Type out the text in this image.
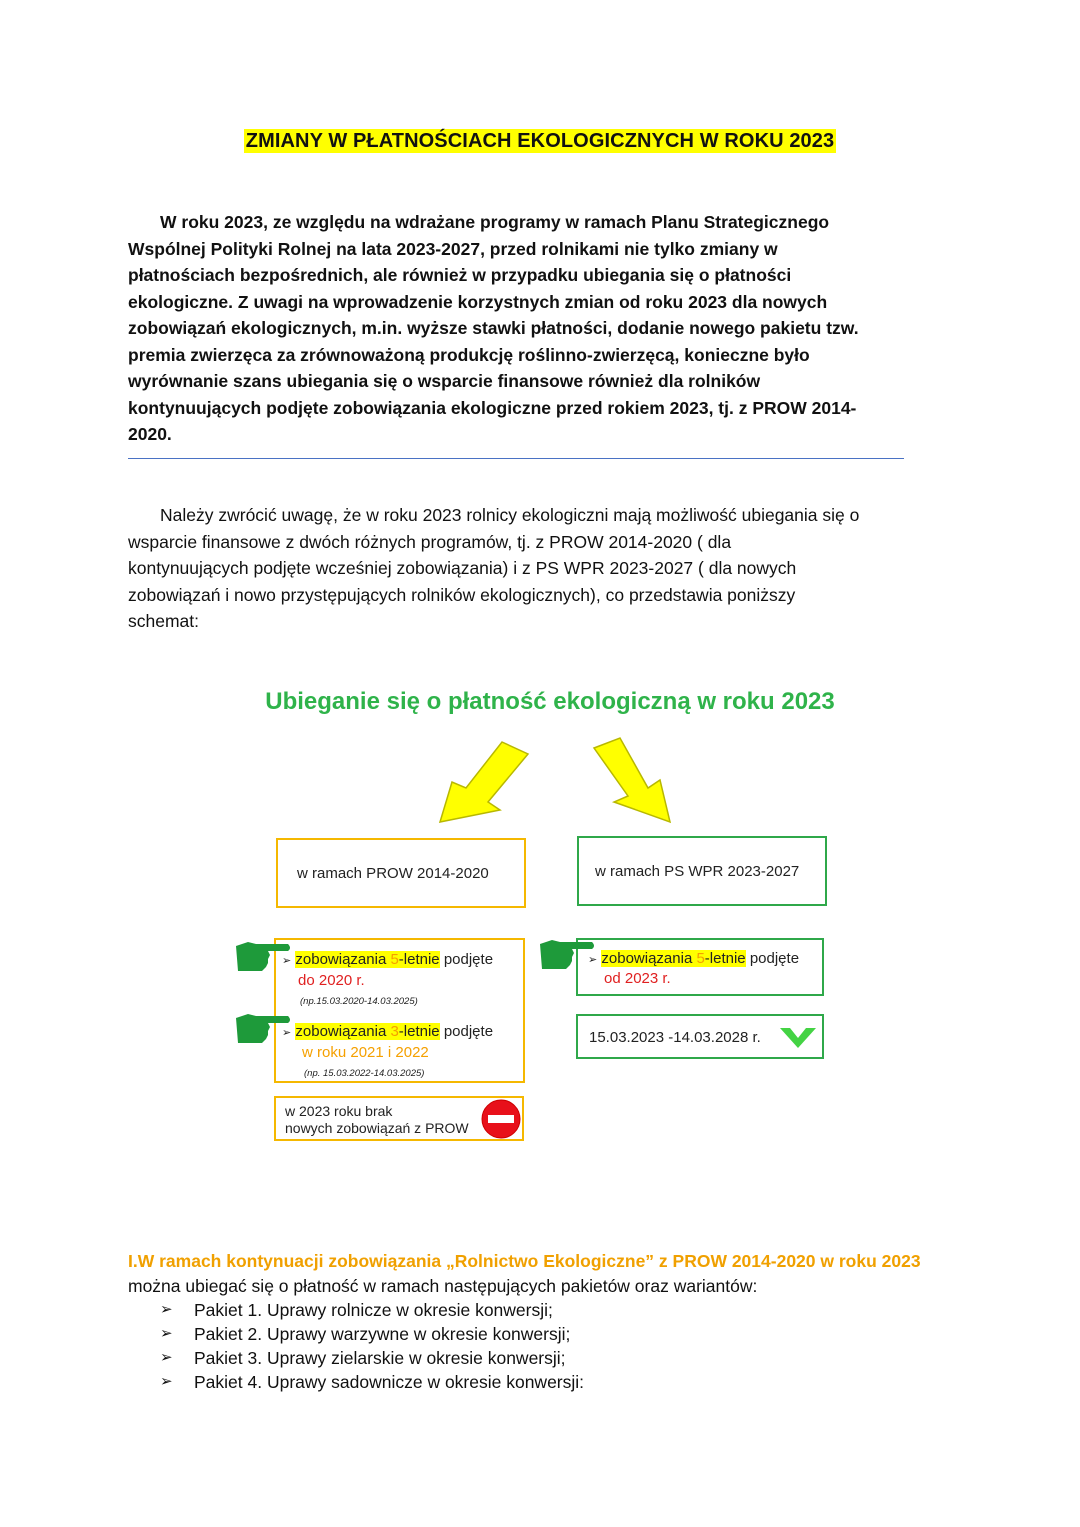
ZMIANY W PŁATNOŚCIACH EKOLOGICZNYCH W ROKU 2023
W roku 2023, ze względu na wdrażane programy w ramach Planu Strategicznego
Wspólnej Polityki Rolnej na lata 2023-2027, przed rolnikami nie tylko zmiany w
płatnościach bezpośrednich, ale również w przypadku ubiegania się o płatności
ekologiczne. Z uwagi na wprowadzenie korzystnych zmian od roku 2023 dla nowych
zobowiązań ekologicznych, m.in. wyższe stawki płatności, dodanie nowego pakietu tzw.
premia zwierzęca za zrównoważoną produkcję roślinno-zwierzęcą, konieczne było
wyrównanie szans ubiegania się o wsparcie finansowe również dla rolników
kontynuujących podjęte zobowiązania ekologiczne przed rokiem 2023, tj. z PROW 2014-
2020.
Należy zwrócić uwagę, że w roku 2023 rolnicy ekologiczni mają możliwość ubiegania się o
wsparcie finansowe z dwóch różnych programów, tj. z PROW 2014-2020 ( dla
kontynuujących podjęte wcześniej zobowiązania) i z PS WPR 2023-2027 ( dla nowych
zobowiązań i nowo przystępujących rolników ekologicznych), co przedstawia poniższy
schemat:
Ubieganie się o płatność ekologiczną w roku 2023
w ramach PROW 2014-2020	w ramach PS WPR 2023-2027
➢ zobowiązania 5-letnie podjęte
do 2020 r.
(np.15.03.2020-14.03.2025)
➢ zobowiązania 3-letnie podjęte
w roku 2021 i 2022
(np. 15.03.2022-14.03.2025)
w 2023 roku brak
nowych zobowiązań z PROW
➢ zobowiązania 5-letnie podjęte
od 2023 r.
15.03.2023 -14.03.2028 r.
I.W ramach kontynuacji zobowiązania „Rolnictwo Ekologiczne” z PROW 2014-2020 w roku 2023
można ubiegać się o płatność w ramach następujących pakietów oraz wariantów:
➢	Pakiet 1. Uprawy rolnicze w okresie konwersji;
➢	Pakiet 2. Uprawy warzywne w okresie konwersji;
➢	Pakiet 3. Uprawy zielarskie w okresie konwersji;
➢	Pakiet 4. Uprawy sadownicze w okresie konwersji:
